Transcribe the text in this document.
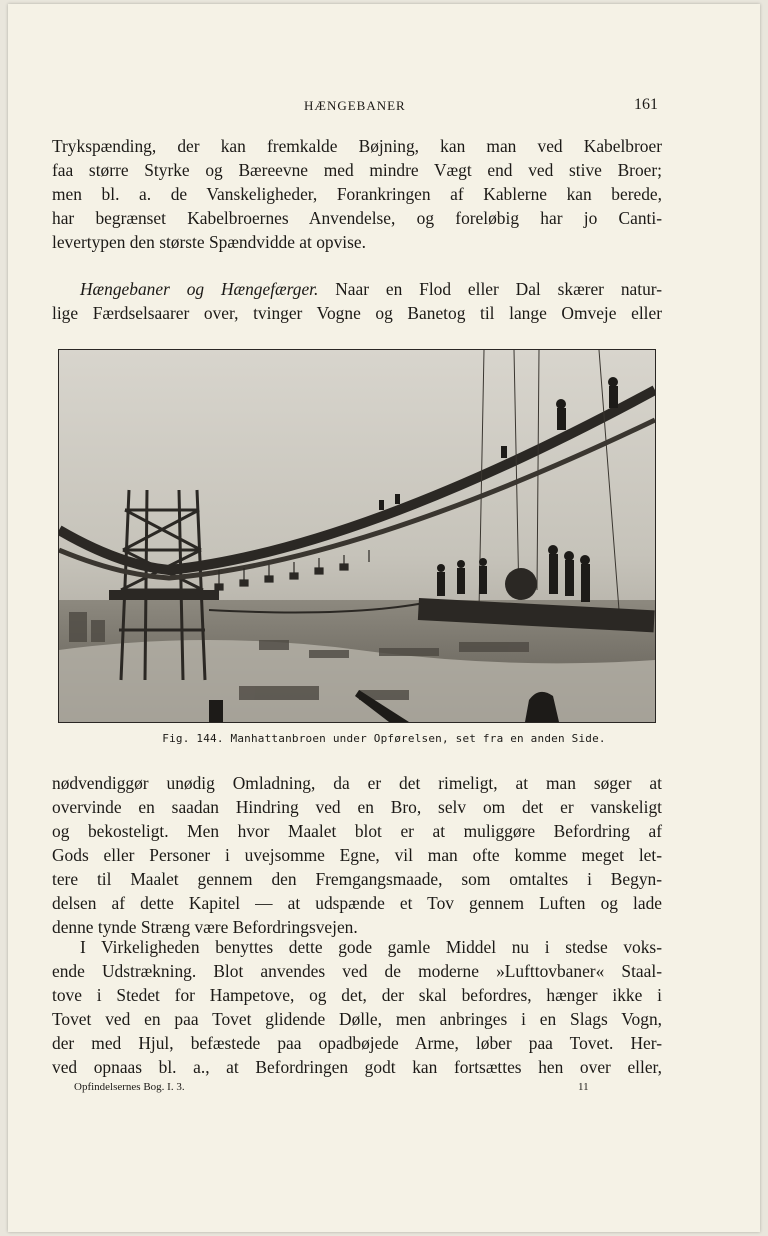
HÆNGEBANER	161
Trykspænding, der kan fremkalde Bøjning, kan man ved Kabelbroer
faa større Styrke og Bæreevne med mindre Vægt end ved stive Broer;
men bl. a. de Vanskeligheder, Forankringen af Kablerne kan berede,
har begrænset Kabelbroernes Anvendelse, og foreløbig har jo Canti-
levertypen den største Spændvidde at opvise.
Hængebaner og Hængefærger. Naar en Flod eller Dal skærer natur-
lige Færdselsaarer over, tvinger Vogne og Banetog til lange Omveje eller
Fig. 144. Manhattanbroen under Opførelsen, set fra en anden Side.
nødvendiggør unødig Omladning, da er det rimeligt, at man søger at
overvinde en saadan Hindring ved en Bro, selv om det er vanskeligt
og bekosteligt. Men hvor Maalet blot er at muliggøre Befordring af
Gods eller Personer i uvejsomme Egne, vil man ofte komme meget let-
tere til Maalet gennem den Fremgangsmaade, som omtaltes i Begyn-
delsen af dette Kapitel — at udspænde et Tov gennem Luften og lade
denne tynde Stræng være Befordringsvejen.
I Virkeligheden benyttes dette gode gamle Middel nu i stedse voks-
ende Udstrækning. Blot anvendes ved de moderne »Lufttovbaner« Staal-
tove i Stedet for Hampetove, og det, der skal befordres, hænger ikke i
Tovet ved en paa Tovet glidende Dølle, men anbringes i en Slags Vogn,
der med Hjul, befæstede paa opadbøjede Arme, løber paa Tovet. Her-
ved opnaas bl. a., at Befordringen godt kan fortsættes hen over eller,
Opfindelsernes Bog. I. 3.	11
